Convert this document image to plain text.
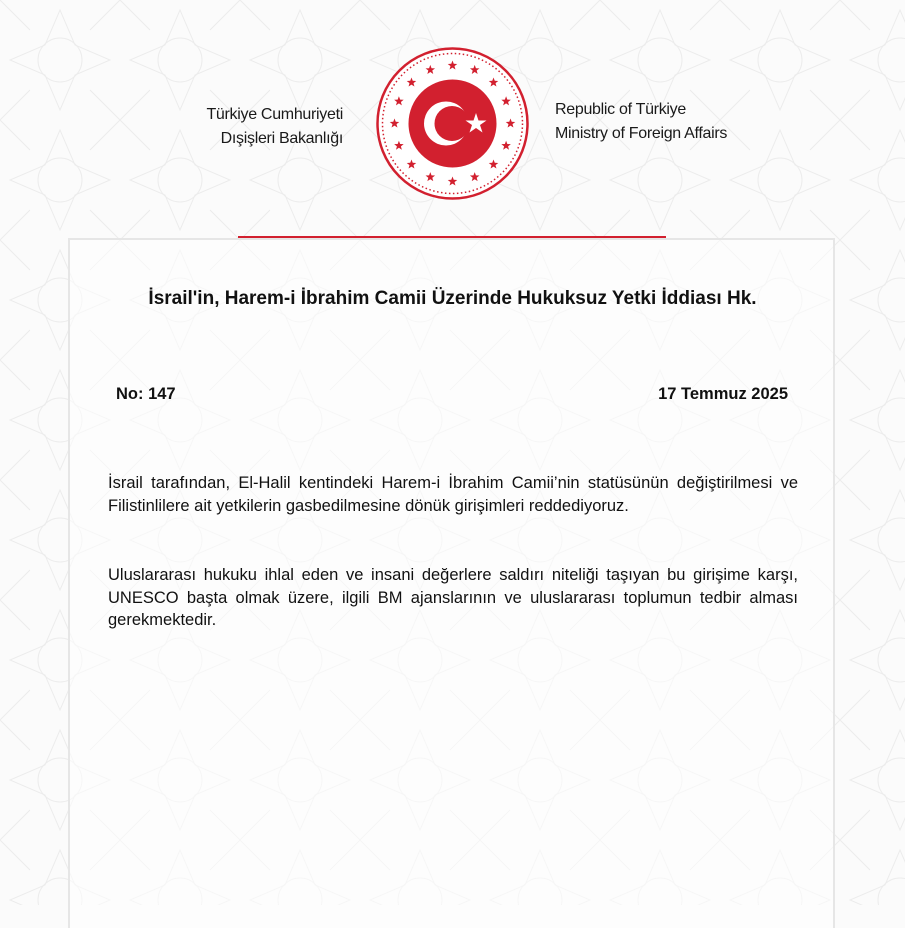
Türkiye Cumhuriyeti
Dışişleri Bakanlığı
Republic of Türkiye
Ministry of Foreign Affairs
İsrail'in, Harem-i İbrahim Camii Üzerinde Hukuksuz Yetki İddiası Hk.
No: 147	17 Temmuz 2025
İsrail tarafından, El-Halil kentindeki Harem-i İbrahim Camii’nin statüsünün değiştirilmesi ve Filistinlilere ait yetkilerin gasbedilmesine dönük girişimleri reddediyoruz.
Uluslararası hukuku ihlal eden ve insani değerlere saldırı niteliği taşıyan bu girişime karşı, UNESCO başta olmak üzere, ilgili BM ajanslarının ve uluslararası toplumun tedbir alması gerekmektedir.
